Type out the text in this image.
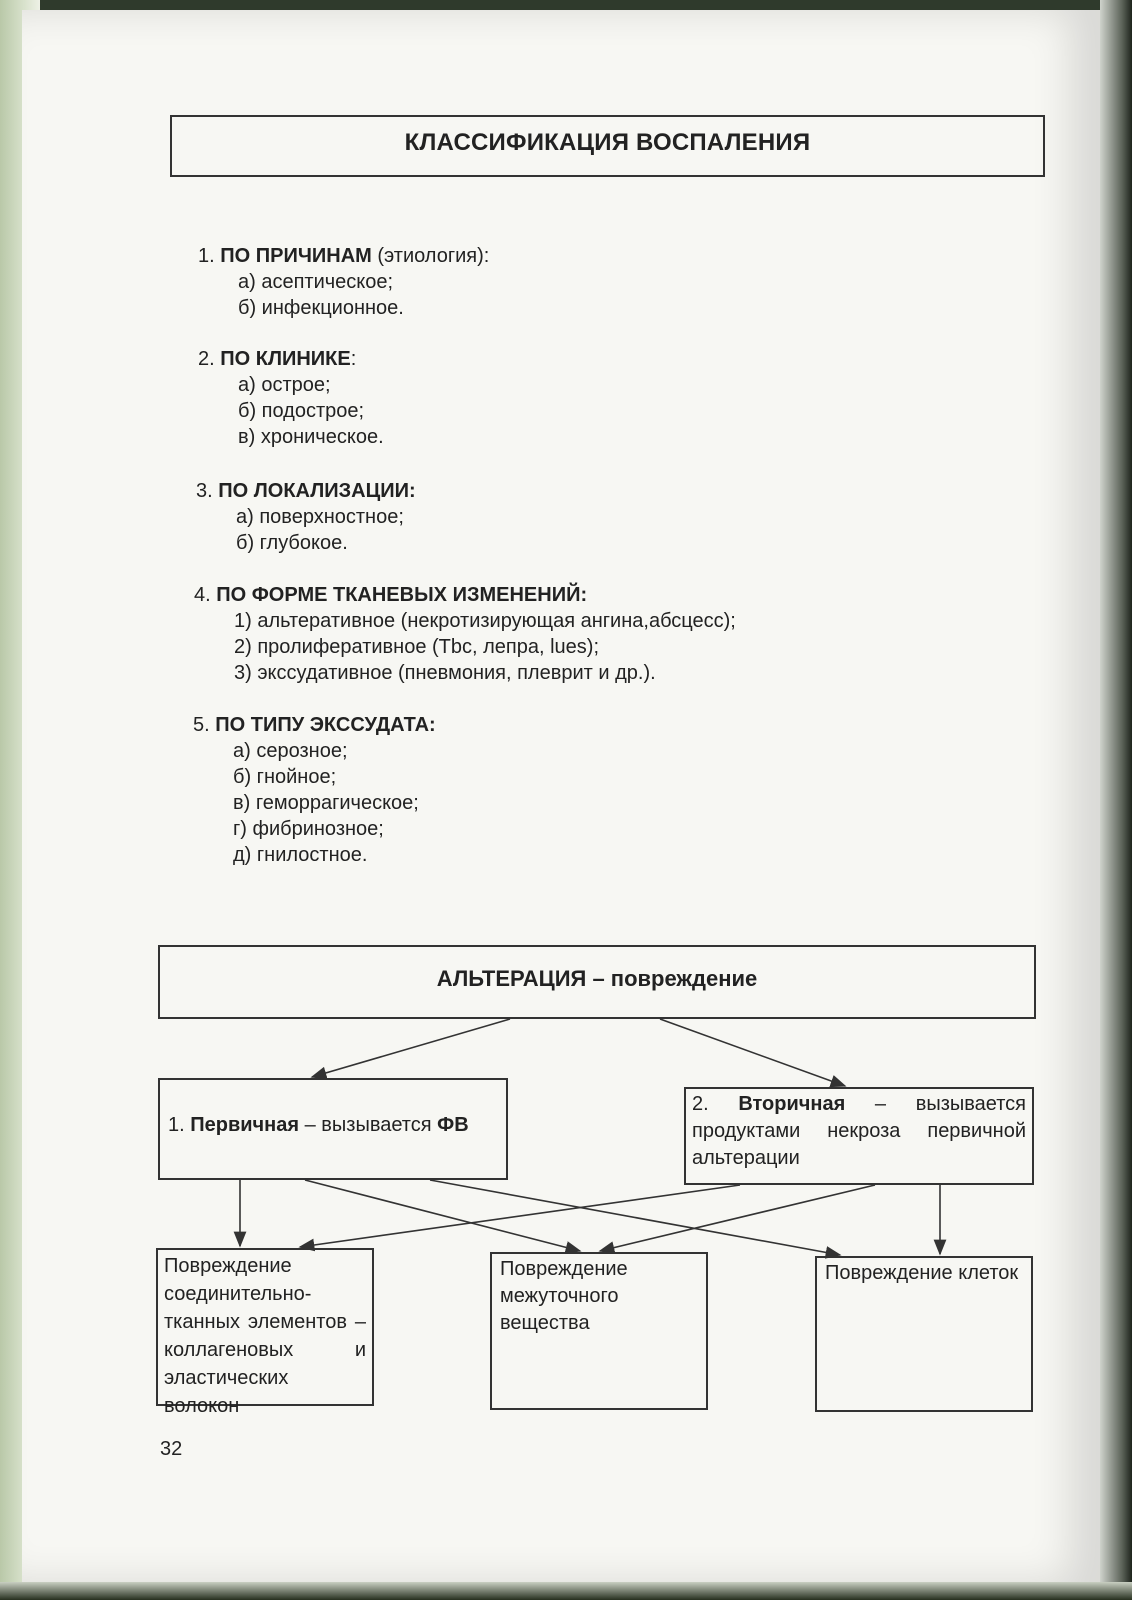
КЛАССИФИКАЦИЯ ВОСПАЛЕНИЯ
1. ПО ПРИЧИНАМ (этиология):
а) асептическое;
б) инфекционное.
2. ПО КЛИНИКЕ:
а) острое;
б) подострое;
в) хроническое.
3. ПО ЛОКАЛИЗАЦИИ:
а) поверхностное;
б) глубокое.
4. ПО ФОРМЕ ТКАНЕВЫХ ИЗМЕНЕНИЙ:
1) альтеративное (некротизирующая ангина,абсцесс);
2) пролиферативное (Tbc, лепра, lues);
3) экссудативное (пневмония, плеврит и др.).
5. ПО ТИПУ ЭКССУДАТА:
а) серозное;
б) гнойное;
в) геморрагическое;
г) фибринозное;
д) гнилостное.
АЛЬТЕРАЦИЯ – повреждение
1. Первичная – вызывается ФВ
2. Вторичная – вызывается продуктами некроза первичной альтерации
Повреждение соединительно-тканных элементов – коллагеновых и эластических волокон
Повреждение межуточного вещества
Повреждение клеток
32
